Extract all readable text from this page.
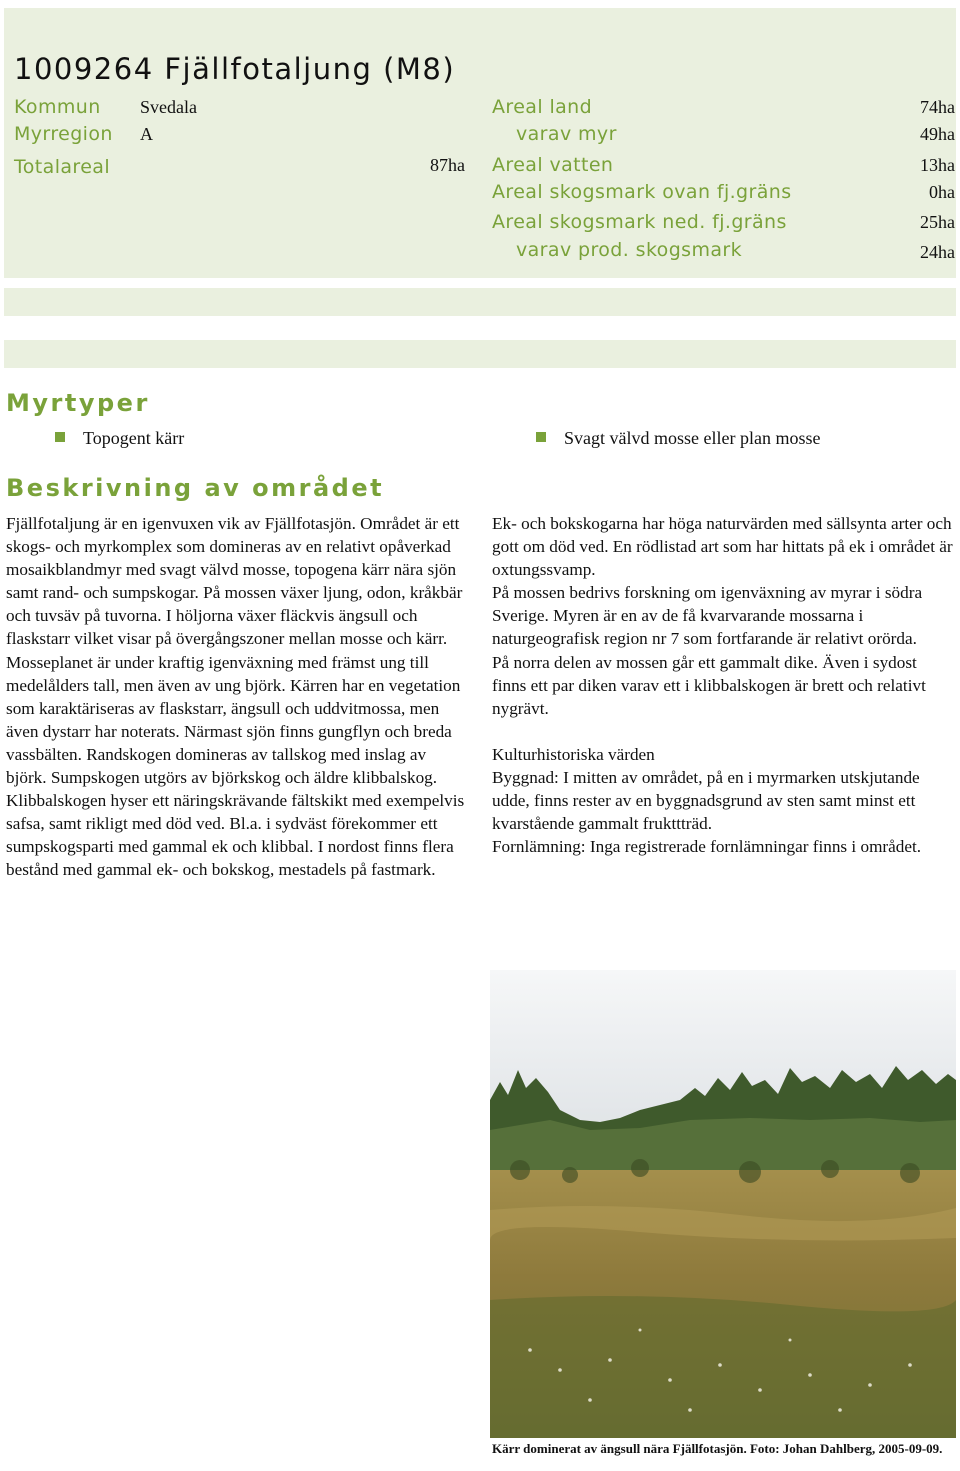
1009264 Fjällfotaljung (M8)
Kommun Svedala
Myrregion A
Totalareal	87ha
Areal land	74ha
varav myr	49ha
Areal vatten	13ha
Areal skogsmark ovan fj.gräns	0ha
Areal skogsmark ned. fj.gräns	25ha
varav prod. skogsmark	24ha
Myrtyper
Topogent kärr	Svagt välvd mosse eller plan mosse
Beskrivning av området

Fjällfotaljung är en igenvuxen vik av Fjällfotasjön. Området är ett skogs- och myrkomplex som domineras av en relativt opåverkad mosaikblandmyr med svagt välvd mosse, topogena kärr nära sjön samt rand- och sumpskogar. På mossen växer ljung, odon, kråkbär och tuvsäv på tuvorna. I höljorna växer fläckvis ängsull och flaskstarr vilket visar på övergångszoner mellan mosse och kärr. Mosseplanet är under kraftig igenväxning med främst ung till medelålders tall, men även av ung björk. Kärren har en vegetation som karaktäriseras av flaskstarr, ängsull och uddvitmossa, men även dystarr har noterats. Närmast sjön finns gungflyn och breda vassbälten. Randskogen domineras av tallskog med inslag av björk. Sumpskogen utgörs av björkskog och äldre klibbalskog. Klibbalskogen hyser ett näringskrävande fältskikt med exempelvis safsa, samt rikligt med död ved. Bl.a. i sydväst förekommer ett sumpskogsparti med gammal ek och klibbal. I nordost finns flera bestånd med gammal ek- och bokskog, mestadels på fastmark.

Ek- och bokskogarna har höga naturvärden med sällsynta arter och gott om död ved. En rödlistad art som har hittats på ek i området är oxtungssvamp.

På mossen bedrivs forskning om igenväxning av myrar i södra Sverige. Myren är en av de få kvarvarande mossarna i naturgeografisk region nr 7 som fortfarande är relativt orörda.

På norra delen av mossen går ett gammalt dike. Även i sydost finns ett par diken varav ett i klibbalskogen är brett och relativt nygrävt.

Kulturhistoriska värden

Byggnad: I mitten av området, på en i myrmarken utskjutande udde, finns rester av en byggnadsgrund av sten samt minst ett kvarstående gammalt frukttträd.

Fornlämning: Inga registrerade fornlämningar finns i området.

Kärr dominerat av ängsull nära Fjällfotasjön. Foto: Johan Dahlberg, 2005-09-09.
